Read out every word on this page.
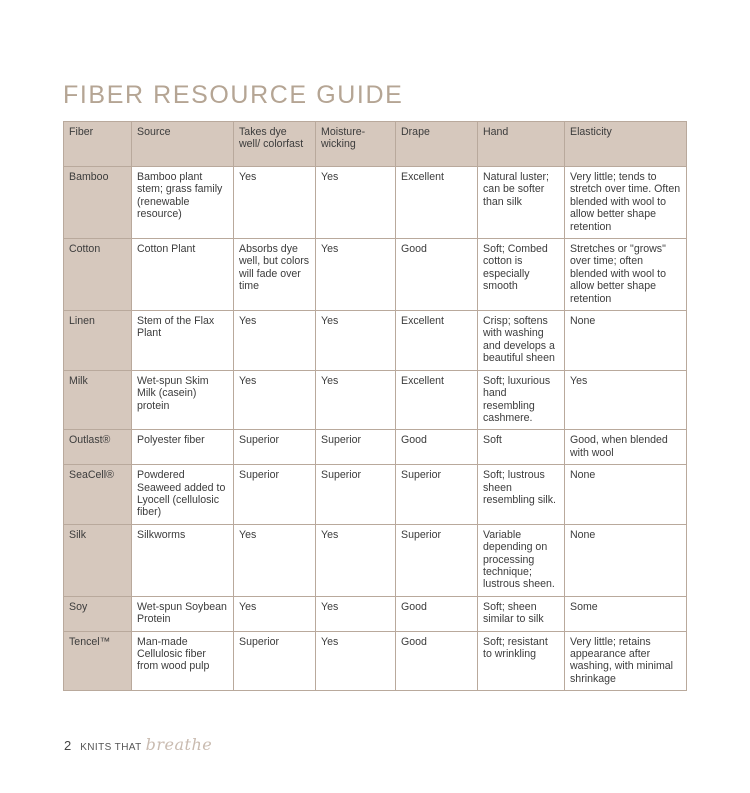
FIBER RESOURCE GUIDE
Fiber	Source	Takes dye well/ colorfast	Moisture-wicking	Drape	Hand	Elasticity
Bamboo	Bamboo plant stem; grass family (renewable resource)	Yes	Yes	Excellent	Natural luster; can be softer than silk	Very little; tends to stretch over time. Often blended with wool to allow better shape retention
Cotton	Cotton Plant	Absorbs dye well, but colors will fade over time	Yes	Good	Soft; Combed cotton is especially smooth	Stretches or "grows" over time; often blended with wool to allow better shape retention
Linen	Stem of the Flax Plant	Yes	Yes	Excellent	Crisp; softens with washing and develops a beautiful sheen	None
Milk	Wet-spun Skim Milk (casein) protein	Yes	Yes	Excellent	Soft; luxurious hand resembling cashmere.	Yes
Outlast®	Polyester fiber	Superior	Superior	Good	Soft	Good, when blended with wool
SeaCell®	Powdered Seaweed added to Lyocell (cellulosic fiber)	Superior	Superior	Superior	Soft; lustrous sheen resembling silk.	None
Silk	Silkworms	Yes	Yes	Superior	Variable depending on processing technique; lustrous sheen.	None
Soy	Wet-spun Soybean Protein	Yes	Yes	Good	Soft; sheen similar to silk	Some
Tencel™	Man-made Cellulosic fiber from wood pulp	Superior	Yes	Good	Soft; resistant to wrinkling	Very little; retains appearance after washing, with minimal shrinkage
2 KNITS THAT breathe
